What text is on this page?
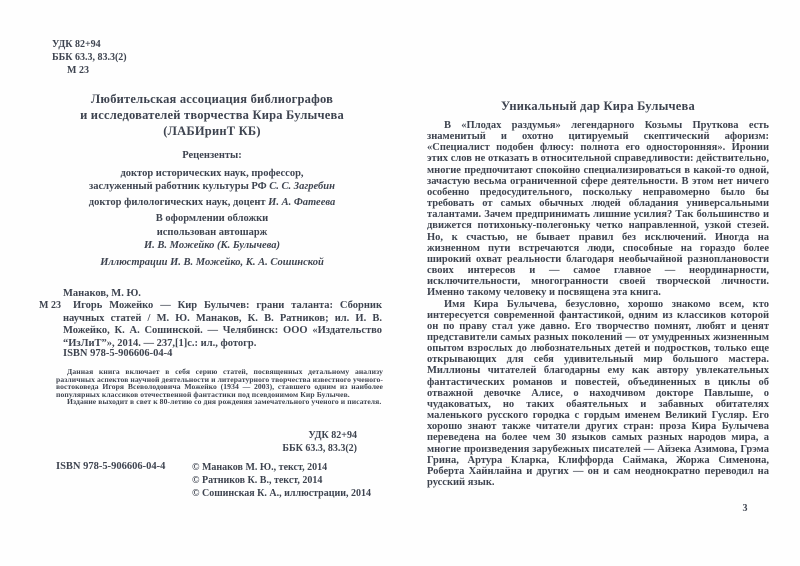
УДК 82+94
ББК 63.3, 83.3(2)
М 23
Любительская ассоциация библиографов
и исследователей творчества Кира Булычева
(ЛАБИринТ КБ)
Рецензенты:
доктор исторических наук, профессор,
заслуженный работник культуры РФ С. С. Загребин
доктор филологических наук, доцент И. А. Фатеева
В оформлении обложки
использован автошарж
И. В. Можейко (К. Булычева)
Иллюстрации И. В. Можейко, К. А. Сошинской
Манаков, М. Ю.
М 23	Игорь Можейко — Кир Булычев: грани таланта: Сборник научных статей / М. Ю. Манаков, К. В. Ратников; ил. И. В. Можейко, К. А. Сошинской. — Челябинск: ООО «Издательство “ИзЛиТ”», 2014. — 237,[1]с.: ил., фотогр.

ISBN 978-5-906606-04-4

Данная книга включает в себя серию статей, посвященных детальному анализу различных аспектов научной деятельности и литературного творчества известного ученого-востоковеда Игоря Всеволодовича Можейко (1934 — 2003), ставшего одним из наиболее популярных классиков отечественной фантастики под псевдонимом Кир Булычев.

Издание выходит в свет к 80-летию со дня рождения замечательного ученого и писателя.

УДК 82+94
ББК 63.3, 83.3(2)
ISBN 978-5-906606-04-4	© Манаков М. Ю., текст, 2014
© Ратников К. В., текст, 2014
© Сошинская К. А., иллюстрации, 2014
Уникальный дар Кира Булычева

В «Плодах раздумья» легендарного Козьмы Пруткова есть знаменитый и охотно цитируемый скептический афоризм: «Специалист подобен флюсу: полнота его односторонняя». Иронии этих слов не отказать в относительной справедливости: действительно, многие предпочитают спокойно специализироваться в какой-то одной, зачастую весьма ограниченной сфере деятельности. В этом нет ничего особенно предосудительного, поскольку неправомерно было бы требовать от самых обычных людей обладания универсальными талантами. Зачем предпринимать лишние усилия? Так большинство и движется потихоньку-полегоньку четко направленной, узкой стезей. Но, к счастью, не бывает правил без исключений. Иногда на жизненном пути встречаются люди, способные на гораздо более широкий охват реальности благодаря необычайной разноплановости своих интересов и — самое главное — неординарности, исключительности, многогранности своей творческой личности. Именно такому человеку и посвящена эта книга.

Имя Кира Булычева, безусловно, хорошо знакомо всем, кто интересуется современной фантастикой, одним из классиков которой он по праву стал уже давно. Его творчество помнят, любят и ценят представители самых разных поколений — от умудренных жизненным опытом взрослых до любознательных детей и подростков, только еще открывающих для себя удивительный мир большого мастера. Миллионы читателей благодарны ему как автору увлекательных фантастических романов и повестей, объединенных в циклы об отважной девочке Алисе, о находчивом докторе Павлыше, о чудаковатых, но таких обаятельных и забавных обитателях маленького русского городка с гордым именем Великий Гусляр. Его хорошо знают также читатели других стран: проза Кира Булычева переведена на более чем 30 языков самых разных народов мира, а многие произведения зарубежных писателей — Айзека Азимова, Грэма Грина, Артура Кларка, Клиффорда Саймака, Жоржа Сименона, Роберта Хайнлайна и других — он и сам неоднократно переводил на русский язык.

3
